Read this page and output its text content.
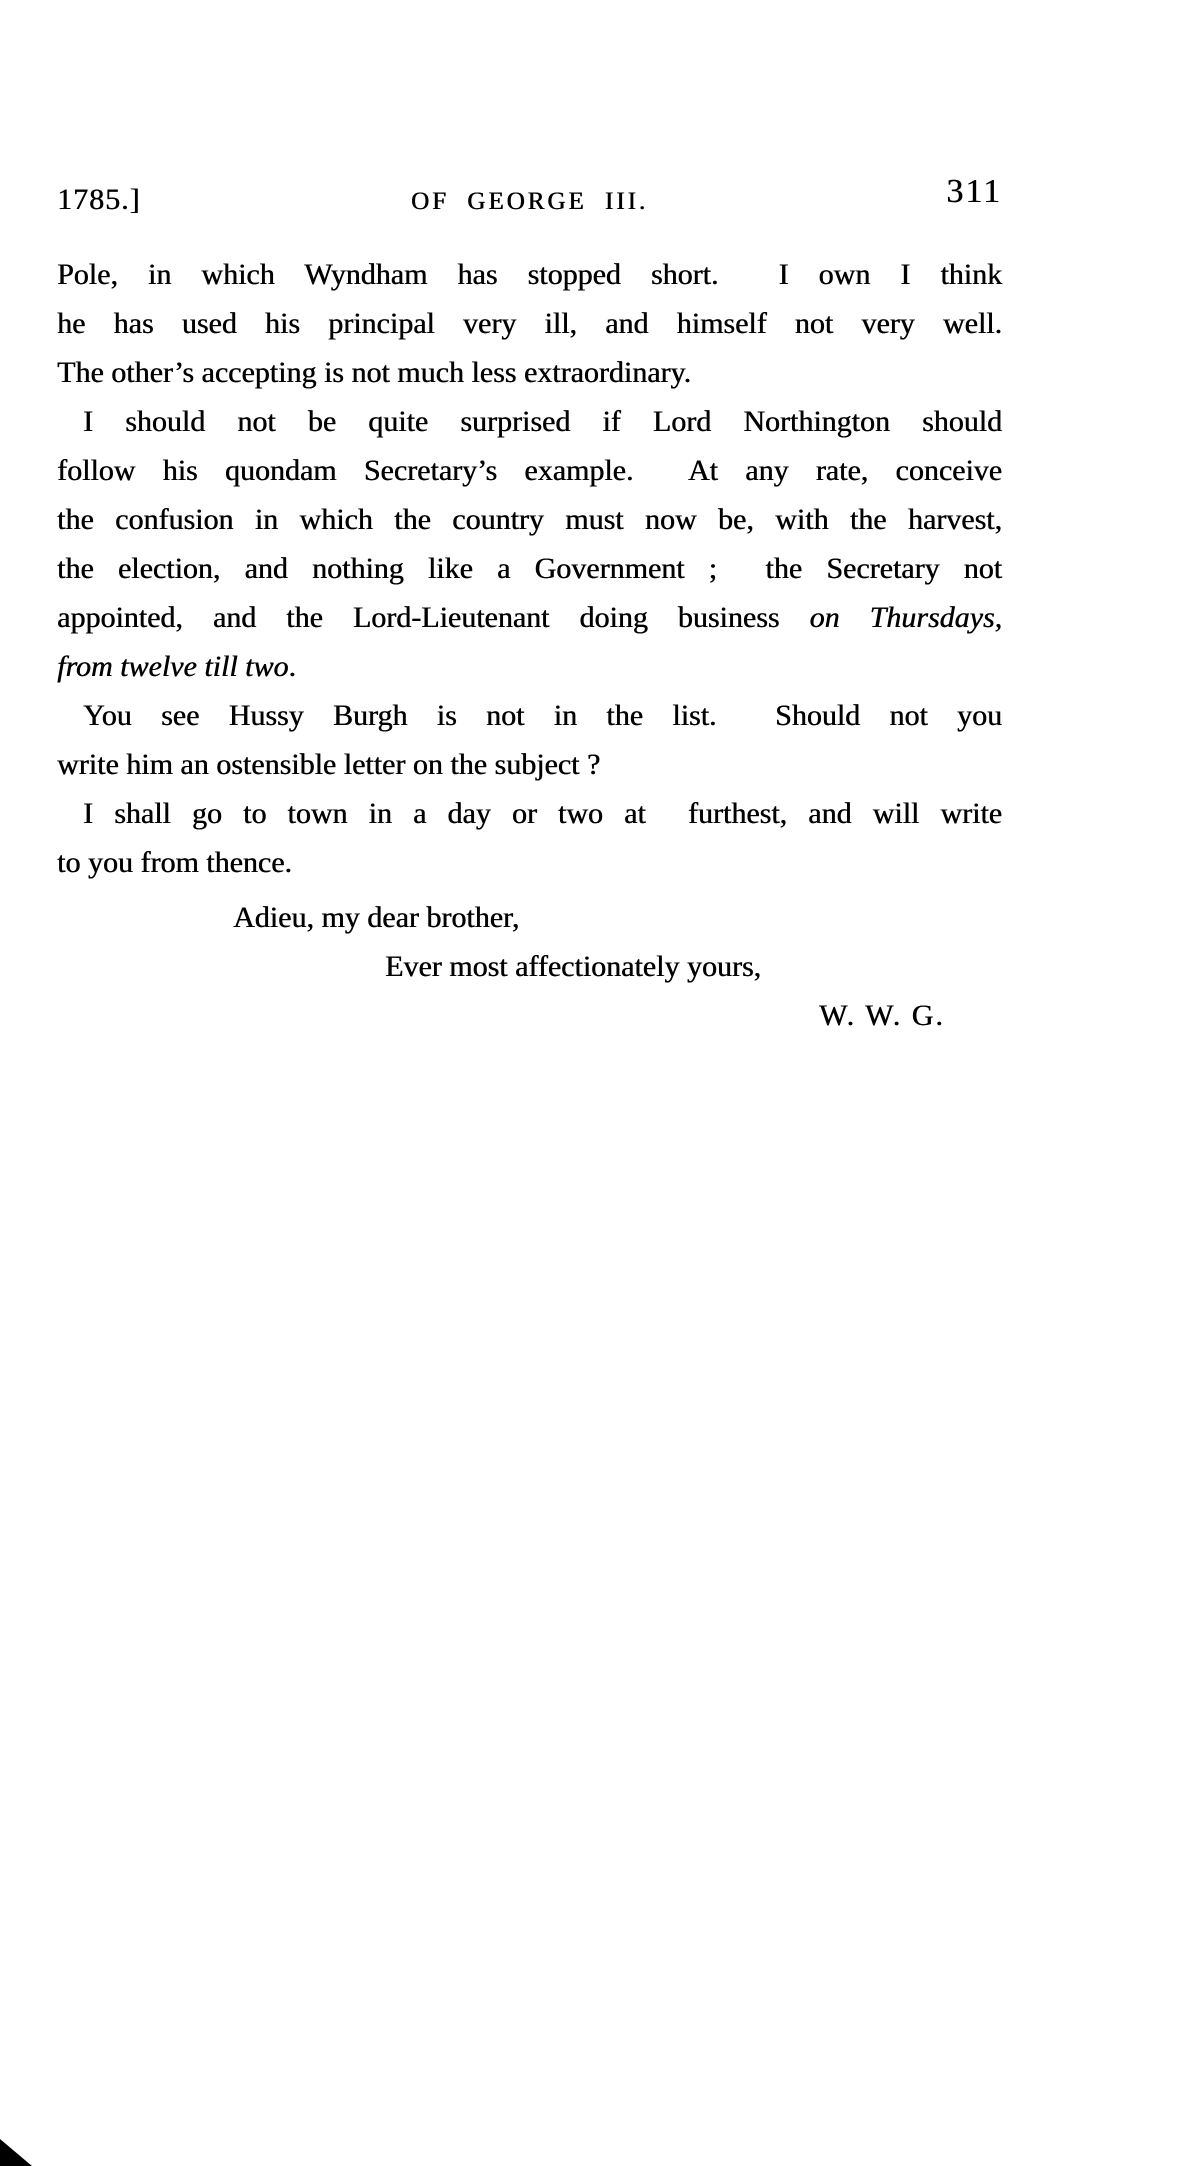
1785.]	OF GEORGE III.	311
Pole, in which Wyndham has stopped short.  I own I think
he has used his principal very ill, and himself not very well.
The other’s accepting is not much less extraordinary.
I should not be quite surprised if Lord Northington should
follow his quondam Secretary’s example.  At any rate, conceive
the confusion in which the country must now be, with the harvest,
the election, and nothing like a Government ;  the Secretary not
appointed, and the Lord-Lieutenant doing business on Thursdays,
from twelve till two.
You see Hussy Burgh is not in the list.  Should not you
write him an ostensible letter on the subject ?
I shall go to town in a day or two at  furthest, and will write
to you from thence.
Adieu, my dear brother,
Ever most affectionately yours,
W. W. G.
